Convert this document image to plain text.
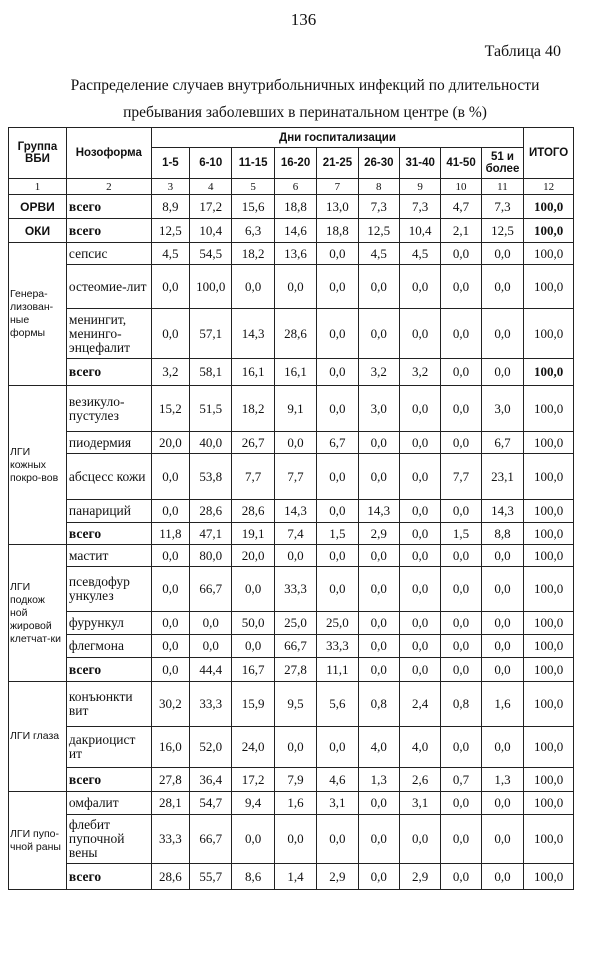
136
Таблица 40
Распределение случаев внутрибольничных инфекций по длительности
пребывания заболевших в перинатальном центре (в %)
Группа ВБИ	Нозоформа	Дни госпитализации									ИТОГО
		1-5	6-10	11-15	16-20	21-25	26-30	31-40	41-50	51 и более	
1	2	3	4	5	6	7	8	9	10	11	12
ОРВИ	всего	8,9	17,2	15,6	18,8	13,0	7,3	7,3	4,7	7,3	100,0
ОКИ	всего	12,5	10,4	6,3	14,6	18,8	12,5	10,4	2,1	12,5	100,0
Генера-лизован-ные формы	сепсис	4,5	54,5	18,2	13,6	0,0	4,5	4,5	0,0	0,0	100,0
	остеомие-лит	0,0	100,0	0,0	0,0	0,0	0,0	0,0	0,0	0,0	100,0
	менингит, менинго-энцефалит	0,0	57,1	14,3	28,6	0,0	0,0	0,0	0,0	0,0	100,0
	всего	3,2	58,1	16,1	16,1	0,0	3,2	3,2	0,0	0,0	100,0
ЛГИ кожных покро-вов	везикуло-пустулез	15,2	51,5	18,2	9,1	0,0	3,0	0,0	0,0	3,0	100,0
	пиодермия	20,0	40,0	26,7	0,0	6,7	0,0	0,0	0,0	6,7	100,0
	абсцесс кожи	0,0	53,8	7,7	7,7	0,0	0,0	0,0	7,7	23,1	100,0
	панариций	0,0	28,6	28,6	14,3	0,0	14,3	0,0	0,0	14,3	100,0
	всего	11,8	47,1	19,1	7,4	1,5	2,9	0,0	1,5	8,8	100,0
ЛГИ подкож ной жировой клетчат-ки	мастит	0,0	80,0	20,0	0,0	0,0	0,0	0,0	0,0	0,0	100,0
	псевдофур ункулез	0,0	66,7	0,0	33,3	0,0	0,0	0,0	0,0	0,0	100,0
	фурункул	0,0	0,0	50,0	25,0	25,0	0,0	0,0	0,0	0,0	100,0
	флегмона	0,0	0,0	0,0	66,7	33,3	0,0	0,0	0,0	0,0	100,0
	всего	0,0	44,4	16,7	27,8	11,1	0,0	0,0	0,0	0,0	100,0
ЛГИ глаза	конъюнкти вит	30,2	33,3	15,9	9,5	5,6	0,8	2,4	0,8	1,6	100,0
	дакриоцист ит	16,0	52,0	24,0	0,0	0,0	4,0	4,0	0,0	0,0	100,0
	всего	27,8	36,4	17,2	7,9	4,6	1,3	2,6	0,7	1,3	100,0
ЛГИ пупо-чной раны	омфалит	28,1	54,7	9,4	1,6	3,1	0,0	3,1	0,0	0,0	100,0
	флебит пупочной вены	33,3	66,7	0,0	0,0	0,0	0,0	0,0	0,0	0,0	100,0
	всего	28,6	55,7	8,6	1,4	2,9	0,0	2,9	0,0	0,0	100,0
